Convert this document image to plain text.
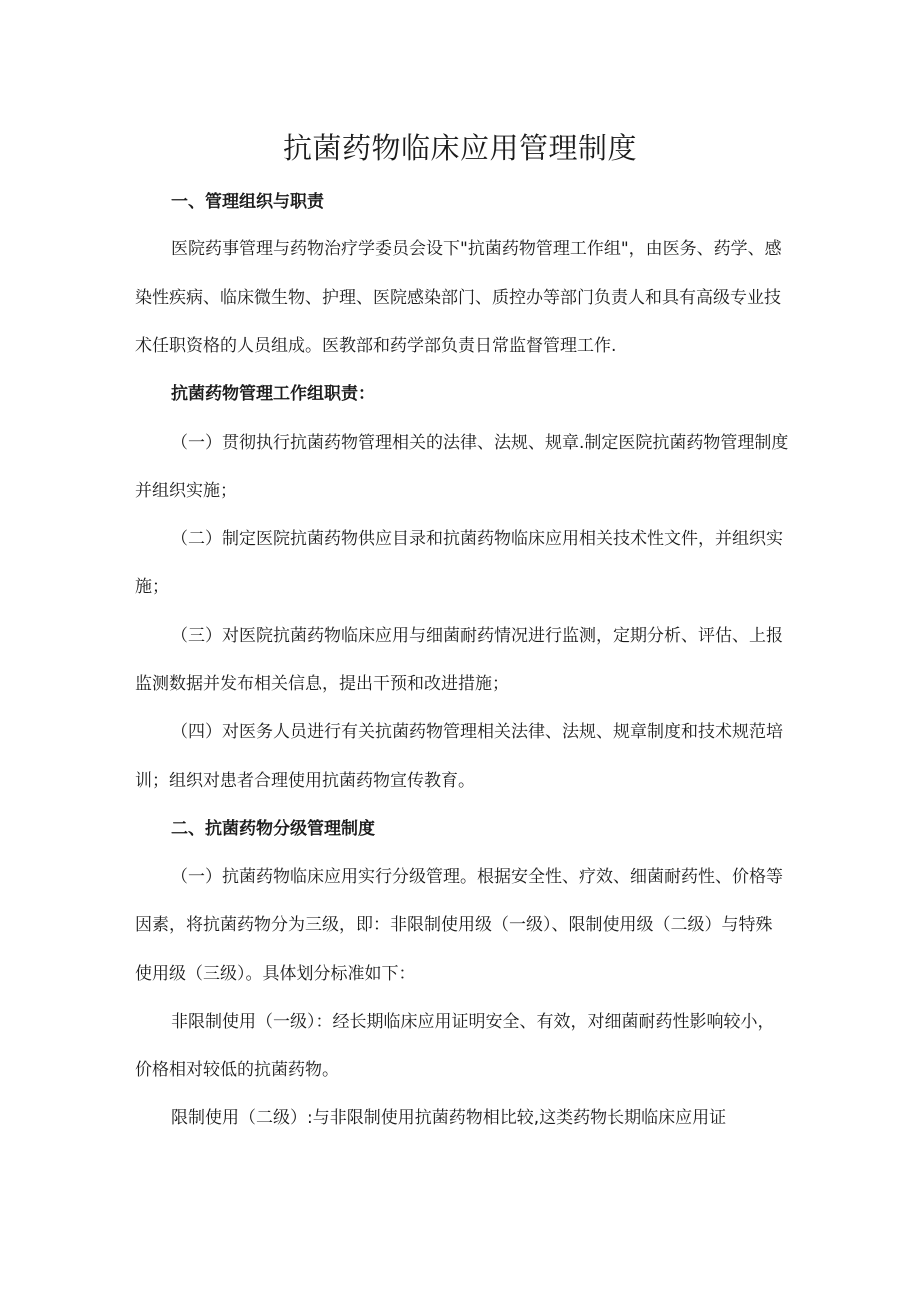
抗菌药物临床应用管理制度

一、管理组织与职责

医院药事管理与药物治疗学委员会设下"抗菌药物管理工作组"，由医务、药学、感

染性疾病、临床微生物、护理、医院感染部门、质控办等部门负责人和具有高级专业技

术任职资格的人员组成。医教部和药学部负责日常监督管理工作.

抗菌药物管理工作组职责：

（一）贯彻执行抗菌药物管理相关的法律、法规、规章.制定医院抗菌药物管理制度

并组织实施；

（二）制定医院抗菌药物供应目录和抗菌药物临床应用相关技术性文件，并组织实

施；

（三）对医院抗菌药物临床应用与细菌耐药情况进行监测，定期分析、评估、上报

监测数据并发布相关信息，提出干预和改进措施；

（四）对医务人员进行有关抗菌药物管理相关法律、法规、规章制度和技术规范培

训；组织对患者合理使用抗菌药物宣传教育。

二、抗菌药物分级管理制度

（一）抗菌药物临床应用实行分级管理。根据安全性、疗效、细菌耐药性、价格等

因素，将抗菌药物分为三级，即：非限制使用级（一级）、限制使用级（二级）与特殊

使用级（三级）。具体划分标准如下：

非限制使用（一级）：经长期临床应用证明安全、有效，对细菌耐药性影响较小，

价格相对较低的抗菌药物。

限制使用（二级）:与非限制使用抗菌药物相比较,这类药物长期临床应用证
